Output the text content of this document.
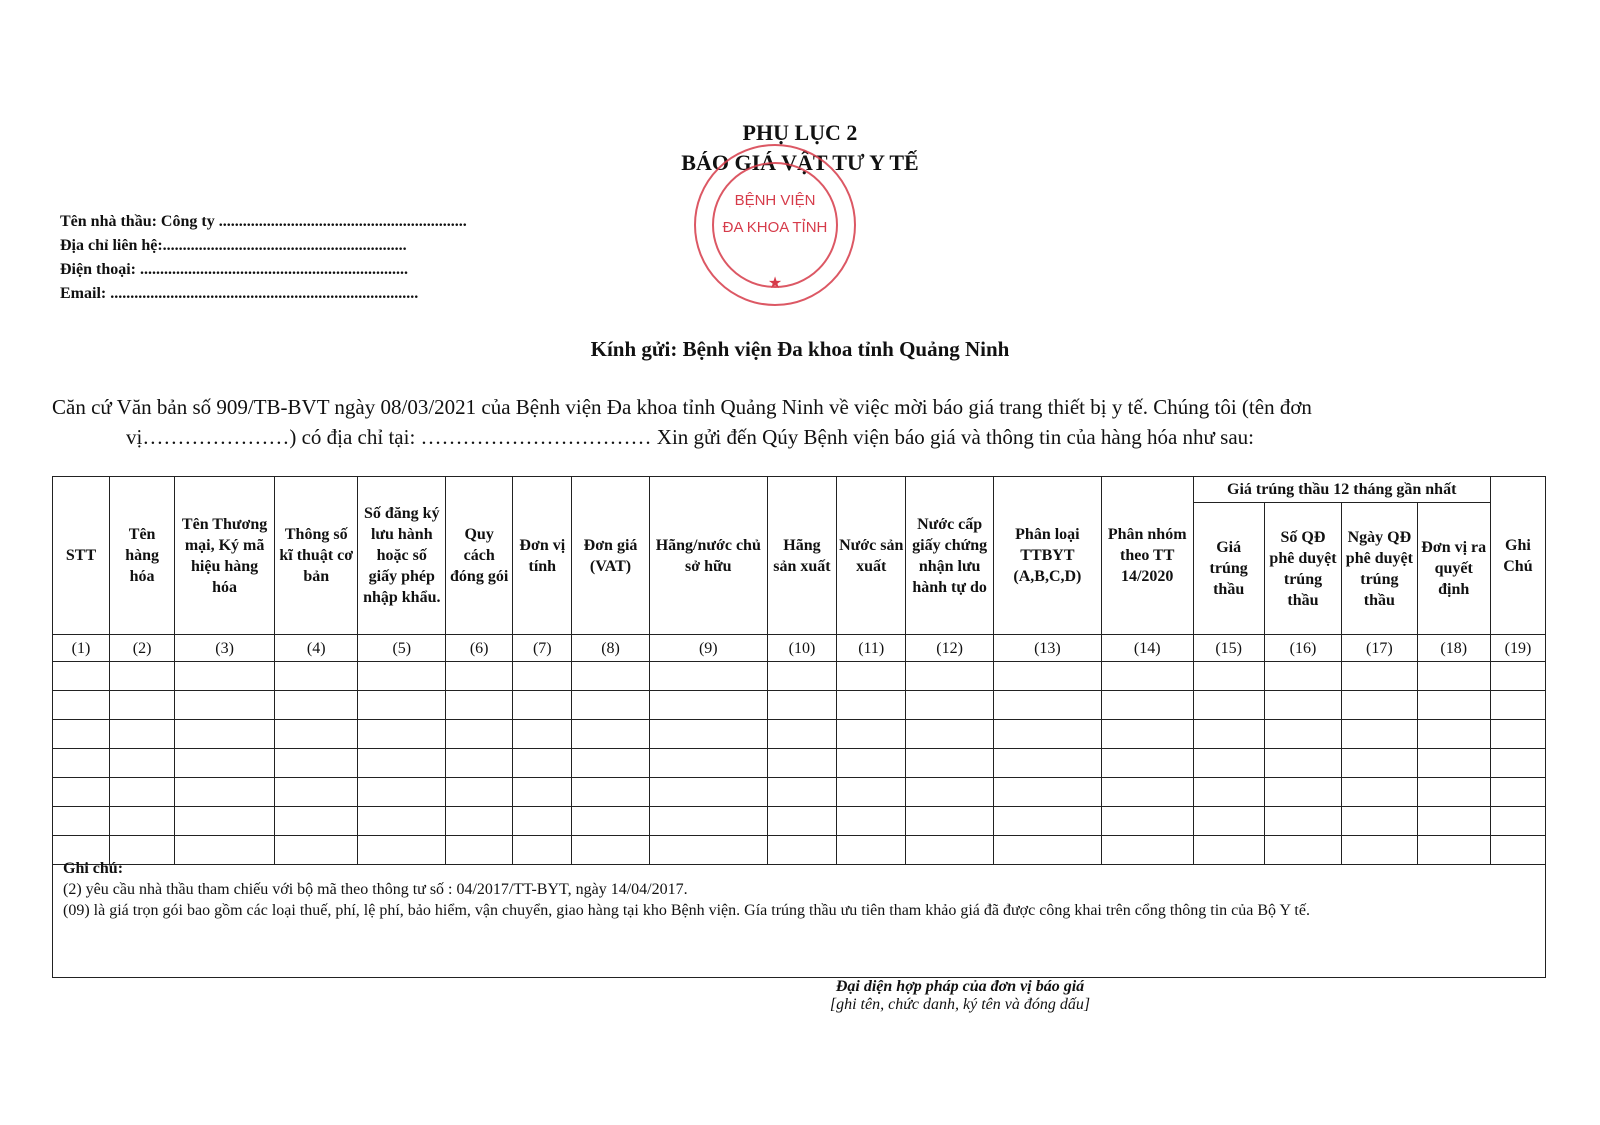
PHỤ LỤC 2
BÁO GIÁ VẬT TƯ Y TẾ
BỆNH VIỆN
ĐA KHOA TỈNH
★
Tên nhà thầu: Công ty ..............................................................
Địa chỉ liên hệ:.............................................................
Điện thoại: ...................................................................
Email: .............................................................................
Kính gửi: Bệnh viện Đa khoa tỉnh Quảng Ninh
Căn cứ Văn bản số 909/TB-BVT ngày 08/03/2021 của Bệnh viện Đa khoa tỉnh Quảng Ninh về việc mời báo giá trang thiết bị y tế. Chúng tôi (tên đơn
vị…………………) có địa chỉ tại: …………………………… Xin gửi đến Qúy Bệnh viện báo giá và thông tin của hàng hóa như sau:
STT	Tên hàng hóa	Tên Thương mại, Ký mã hiệu hàng hóa	Thông số kĩ thuật cơ bản	Số đăng ký lưu hành hoặc số giấy phép nhập khẩu.	Quy cách đóng gói	Đơn vị tính	Đơn giá (VAT)	Hãng/nước chủ sở hữu	Hãng sản xuất	Nước sản xuất	Nước cấp giấy chứng nhận lưu hành tự do	Phân loại TTBYT (A,B,C,D)	Phân nhóm theo TT 14/2020	Giá trúng thầu 12 tháng gần nhất				Ghi Chú
														Giá trúng thầu	Số QĐ phê duyệt trúng thầu	Ngày QĐ phê duyệt trúng thầu	Đơn vị ra quyết định	
(1)	(2)	(3)	(4)	(5)	(6)	(7)	(8)	(9)	(10)	(11)	(12)	(13)	(14)	(15)	(16)	(17)	(18)	(19)

Ghi chú:
(2) yêu cầu nhà thầu tham chiếu với bộ mã theo thông tư số : 04/2017/TT-BYT, ngày 14/04/2017.
(09) là giá trọn gói bao gồm các loại thuế, phí, lệ phí, bảo hiểm, vận chuyển, giao hàng tại kho Bệnh viện. Gía trúng thầu ưu tiên tham khảo giá đã được công khai trên cổng thông tin của Bộ Y tế.
Đại diện hợp pháp của đơn vị báo giá
[ghi tên, chức danh, ký tên và đóng dấu]
